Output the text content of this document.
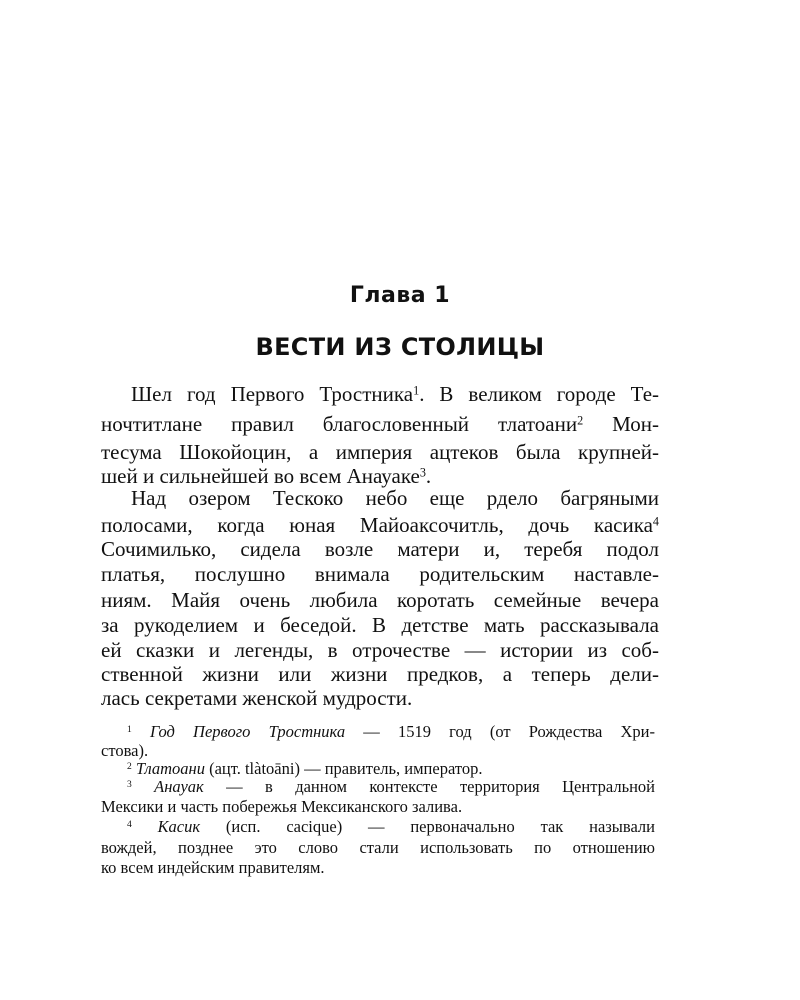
Глава 1
ВЕСТИ ИЗ СТОЛИЦЫ
Шел год Первого Тростника$^1$. В великом городе Те-
ночтитлане правил благословенный тлатоани$^2$ Мон-
тесума Шокойоцин, а империя ацтеков была крупней-
шей и сильнейшей во всем Анауаке$^3$.
Над озером Тескоко небо еще рдело багряными
полосами, когда юная Майоаксочитль, дочь касика$^4$
Сочимилько, сидела возле матери и, теребя подол
платья, послушно внимала родительским наставле-
ниям. Майя очень любила коротать семейные вечера
за рукоделием и беседой. В детстве мать рассказывала
ей сказки и легенды, в отрочестве — истории из соб-
ственной жизни или жизни предков, а теперь дели-
лась секретами женской мудрости.
$^1$ Год Первого Тростника — 1519 год (от Рождества Хри-
стова).
$^2$ Тлатоани (ацт. tlàtoāni) — правитель, император.
$^3$ Анауак — в данном контексте территория Центральной
Мексики и часть побережья Мексиканского залива.
$^4$ Касик (исп. cacique) — первоначально так называли
вождей, позднее это слово стали использовать по отношению
ко всем индейским правителям.
